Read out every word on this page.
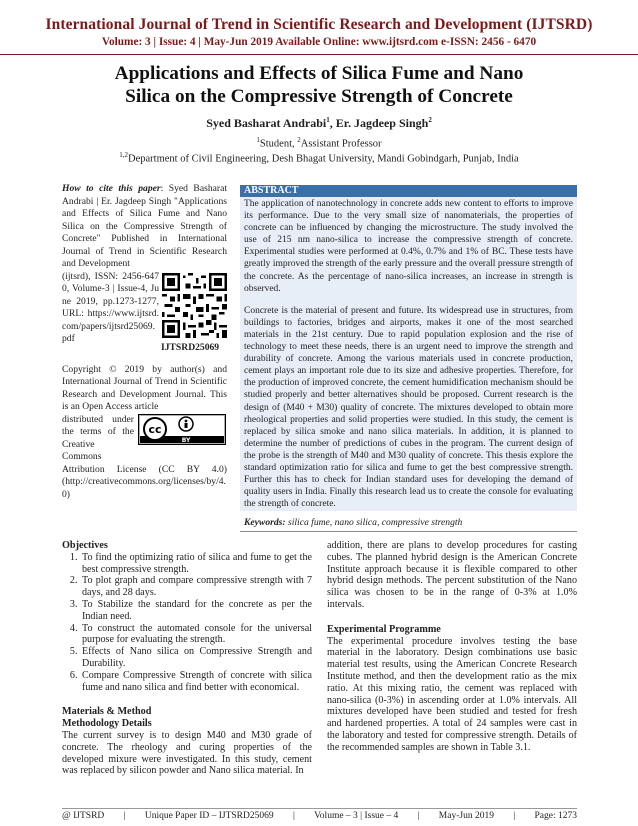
International Journal of Trend in Scientific Research and Development (IJTSRD)
Volume: 3 | Issue: 4 | May-Jun 2019 Available Online: www.ijtsrd.com e-ISSN: 2456 - 6470
Applications and Effects of Silica Fume and Nano
Silica on the Compressive Strength of Concrete
Syed Basharat Andrabi$^1$, Er. Jagdeep Singh$^2$
$^1$Student, $^2$Assistant Professor
$^{1,2}$Department of Civil Engineering, Desh Bhagat University, Mandi Gobindgarh, Punjab, India
How to cite this paper: Syed Basharat Andrabi | Er. Jagdeep Singh "Applications and Effects of Silica Fume and Nano Silica on the Compressive Strength of Concrete" Published in International Journal of Trend in Scientific Research and Development
(ijtsrd), ISSN: 2456-6470, Volume-3 | Issue-4, June 2019, pp.1273-1277, URL: https://www.ijtsrd.com/papers/ijtsrd25069.pdf
IJTSRD25069
Copyright © 2019 by author(s) and International Journal of Trend in Scientific Research and Development Journal. This is an Open Access article
distributed under the terms of the Creative Commons
cc
BY
Attribution License (CC BY 4.0) (http://creativecommons.org/licenses/by/4.0)
ABSTRACT

The application of nanotechnology in concrete adds new content to efforts to improve its performance. Due to the very small size of nanomaterials, the properties of concrete can be influenced by changing the microstructure. The study involved the use of 215 nm nano-silica to increase the compressive strength of concrete. Experimental studies were performed at 0.4%, 0.7% and 1% of BC. These tests have greatly improved the strength of the early pressure and the overall pressure strength of the concrete. As the percentage of nano-silica increases, an increase in strength is observed.

Concrete is the material of present and future. Its widespread use in structures, from buildings to factories, bridges and airports, makes it one of the most searched materials in the 21st century. Due to rapid population explosion and the rise of technology to meet these needs, there is an urgent need to improve the strength and durability of concrete. Among the various materials used in concrete production, cement plays an important role due to its size and adhesive properties. Therefore, for the production of improved concrete, the cement humidification mechanism should be studied properly and better alternatives should be proposed. Current research is the design of (M40 + M30) quality of concrete. The mixtures developed to obtain more rheological properties and solid properties were studied. In this study, the cement is replaced by silica smoke and nano silica materials. In addition, it is planned to determine the number of predictions of cubes in the program. The current design of the probe is the strength of M40 and M30 quality of concrete. This thesis explore the standard optimization ratio for silica and fume to get the best compressive strength. Further this has to check for Indian standard uses for developing the demand of quality users in India. Finally this research lead us to create the console for evaluating the strength of concrete.

Keywords: silica fume, nano silica, compressive strength

Objectives

1. To find the optimizing ratio of silica and fume to get the best compressive strength.
2. To plot graph and compare compressive strength with 7 days, and 28 days.
3. To Stabilize the standard for the concrete as per the Indian need.
4. To construct the automated console for the universal purpose for evaluating the strength.
5. Effects of Nano silica on Compressive Strength and Durability.
6. Compare Compressive Strength of concrete with silica fume and nano silica and find better with economical.

Materials & Method

Methodology Details

The current survey is to design M40 and M30 grade of concrete. The rheology and curing properties of the developed mixure were investigated. In this study, cement was replaced by silicon powder and Nano silica material. In

addition, there are plans to develop procedures for casting cubes. The planned hybrid design is the American Concrete Institute approach because it is flexible compared to other hybrid design methods. The percent substitution of the Nano silica was chosen to be in the range of 0-3% at 1.0% intervals.

Experimental Programme

The experimental procedure involves testing the base material in the laboratory. Design combinations use basic material test results, using the American Concrete Research Institute method, and then the development ratio as the mix ratio. At this mixing ratio, the cement was replaced with nano-silica (0-3%) in ascending order at 1.0% intervals. All mixtures developed have been studied and tested for fresh and hardened properties. A total of 24 samples were cast in the laboratory and tested for compressive strength. Details of the recommended samples are shown in Table 3.1.

@ IJTSRD | Unique Paper ID – IJTSRD25069 | Volume – 3 | Issue – 4 | May-Jun 2019 | Page: 1273
